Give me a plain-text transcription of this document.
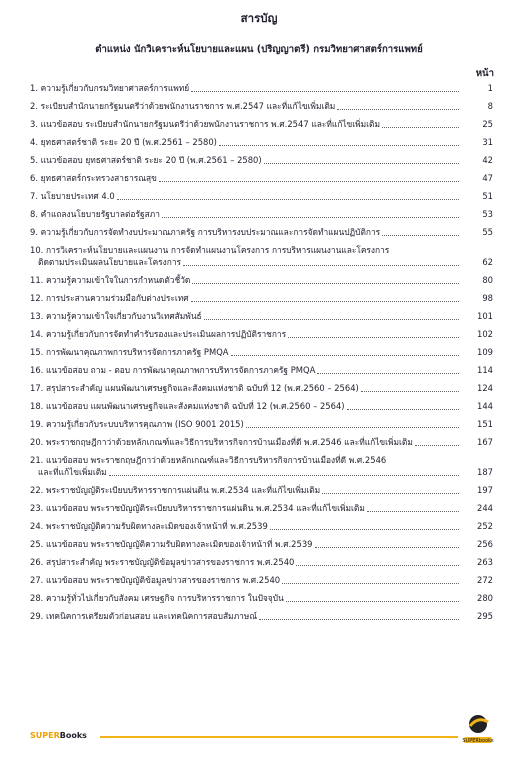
สารบัญ
ตำแหน่ง นักวิเคราะห์นโยบายและแผน (ปริญญาตรี) กรมวิทยาศาสตร์การแพทย์
หน้า
1. ความรู้เกี่ยวกับกรมวิทยาศาสตร์การแพทย์	1
2. ระเบียบสำนักนายกรัฐมนตรีว่าด้วยพนักงานราชการ พ.ศ.2547 และที่แก้ไขเพิ่มเติม	8
3. แนวข้อสอบ ระเบียบสำนักนายกรัฐมนตรีว่าด้วยพนักงานราชการ พ.ศ.2547 และที่แก้ไขเพิ่มเติม	25
4. ยุทธศาสตร์ชาติ ระยะ 20 ปี (พ.ศ.2561 – 2580)	31
5. แนวข้อสอบ ยุทธศาสตร์ชาติ ระยะ 20 ปี (พ.ศ.2561 – 2580)	42
6. ยุทธศาสตร์กระทรวงสาธารณสุข	47
7. นโยบายประเทศ 4.0	51
8. คำแถลงนโยบายรัฐบาลต่อรัฐสภา	53
9. ความรู้เกี่ยวกับการจัดทำงบประมาณภาครัฐ การบริหารงบประมาณและการจัดทำแผนปฏิบัติการ	55
10. การวิเคราะห์นโยบายและแผนงาน การจัดทำแผนงานโครงการ การบริหารแผนงานและโครงการ
ติดตามประเมินผลนโยบายและโครงการ	62
11. ความรู้ความเข้าใจในการกำหนดตัวชี้วัด	80
12. การประสานความร่วมมือกับต่างประเทศ	98
13. ความรู้ความเข้าใจเกี่ยวกับงานวิเทศสัมพันธ์	101
14. ความรู้เกี่ยวกับการจัดทำคำรับรองและประเมินผลการปฏิบัติราชการ	102
15. การพัฒนาคุณภาพการบริหารจัดการภาครัฐ PMQA	109
16. แนวข้อสอบ ถาม - ตอบ การพัฒนาคุณภาพการบริหารจัดการภาครัฐ PMQA	114
17. สรุปสาระสำคัญ แผนพัฒนาเศรษฐกิจและสังคมแห่งชาติ ฉบับที่ 12 (พ.ศ.2560 – 2564)	124
18. แนวข้อสอบ แผนพัฒนาเศรษฐกิจและสังคมแห่งชาติ ฉบับที่ 12 (พ.ศ.2560 – 2564)	144
19. ความรู้เกี่ยวกับระบบบริหารคุณภาพ (ISO 9001 2015)	151
20. พระราชกฤษฎีกาว่าด้วยหลักเกณฑ์และวิธีการบริหารกิจการบ้านเมืองที่ดี พ.ศ.2546 และที่แก้ไขเพิ่มเติม	167
21. แนวข้อสอบ พระราชกฤษฎีกาว่าด้วยหลักเกณฑ์และวิธีการบริหารกิจการบ้านเมืองที่ดี พ.ศ.2546
และที่แก้ไขเพิ่มเติม	187
22. พระราชบัญญัติระเบียบบริหารราชการแผ่นดิน พ.ศ.2534 และที่แก้ไขเพิ่มเติม	197
23. แนวข้อสอบ พระราชบัญญัติระเบียบบริหารราชการแผ่นดิน พ.ศ.2534 และที่แก้ไขเพิ่มเติม	244
24. พระราชบัญญัติความรับผิดทางละเมิดของเจ้าหน้าที่ พ.ศ.2539	252
25. แนวข้อสอบ พระราชบัญญัติความรับผิดทางละเมิดของเจ้าหน้าที่ พ.ศ.2539	256
26. สรุปสาระสำคัญ พระราชบัญญัติข้อมูลข่าวสารของราชการ พ.ศ.2540	263
27. แนวข้อสอบ พระราชบัญญัติข้อมูลข่าวสารของราชการ พ.ศ.2540	272
28. ความรู้ทั่วไปเกี่ยวกับสังคม เศรษฐกิจ การบริหารราชการ ในปัจจุบัน	280
29. เทคนิคการเตรียมตัวก่อนสอบ และเทคนิคการสอบสัมภาษณ์	295
SUPERBooks
SUPERbooks
